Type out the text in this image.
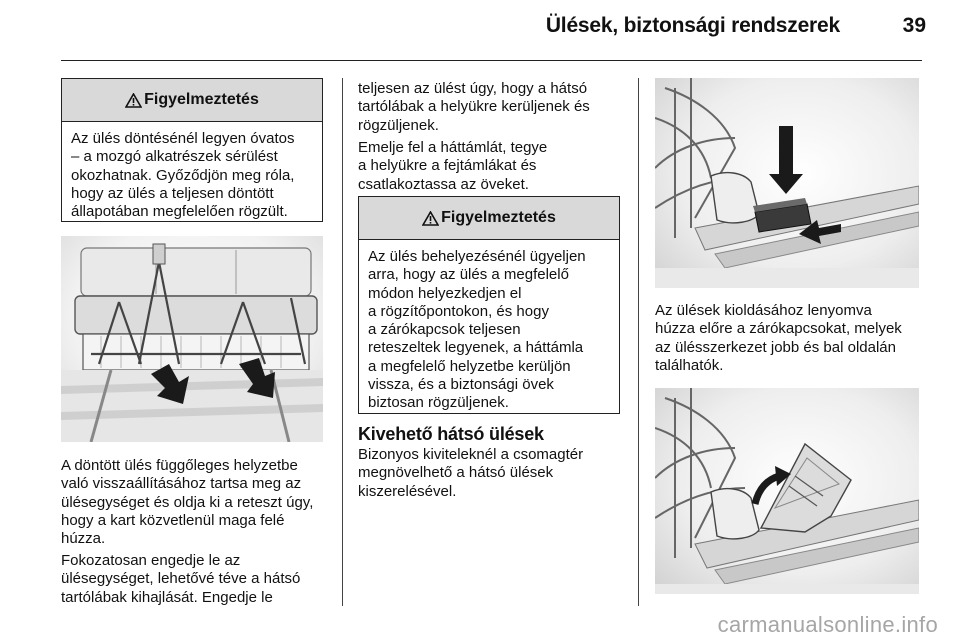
Ülések, biztonsági rendszerek	39
Figyelmeztetés
Az ülés döntésénél legyen óvatos
– a mozgó alkatrészek sérülést
okozhatnak. Győződjön meg róla,
hogy az ülés a teljesen döntött
állapotában megfelelően rögzült.
A döntött ülés függőleges helyzetbe
való visszaállításához tartsa meg az
ülésegységet és oldja ki a reteszt úgy,
hogy a kart közvetlenül maga felé
húzza.
Fokozatosan engedje le az
ülésegységet, lehetővé téve a hátsó
tartólábak kihajlását. Engedje le
teljesen az ülést úgy, hogy a hátsó
tartólábak a helyükre kerüljenek és
rögzüljenek.
Emelje fel a háttámlát, tegye
a helyükre a fejtámlákat és
csatlakoztassa az öveket.
Figyelmeztetés
Az ülés behelyezésénél ügyeljen
arra, hogy az ülés a megfelelő
módon helyezkedjen el
a rögzítőpontokon, és hogy
a zárókapcsok teljesen
reteszeltek legyenek, a háttámla
a megfelelő helyzetbe kerüljön
vissza, és a biztonsági övek
biztosan rögzüljenek.
Kivehető hátsó ülések
Bizonyos kiviteleknél a csomagtér
megnövelhető a hátsó ülések
kiszerelésével.
Az ülések kioldásához lenyomva
húzza előre a zárókapcsokat, melyek
az ülésszerkezet jobb és bal oldalán
találhatók.
carmanualsonline.info
